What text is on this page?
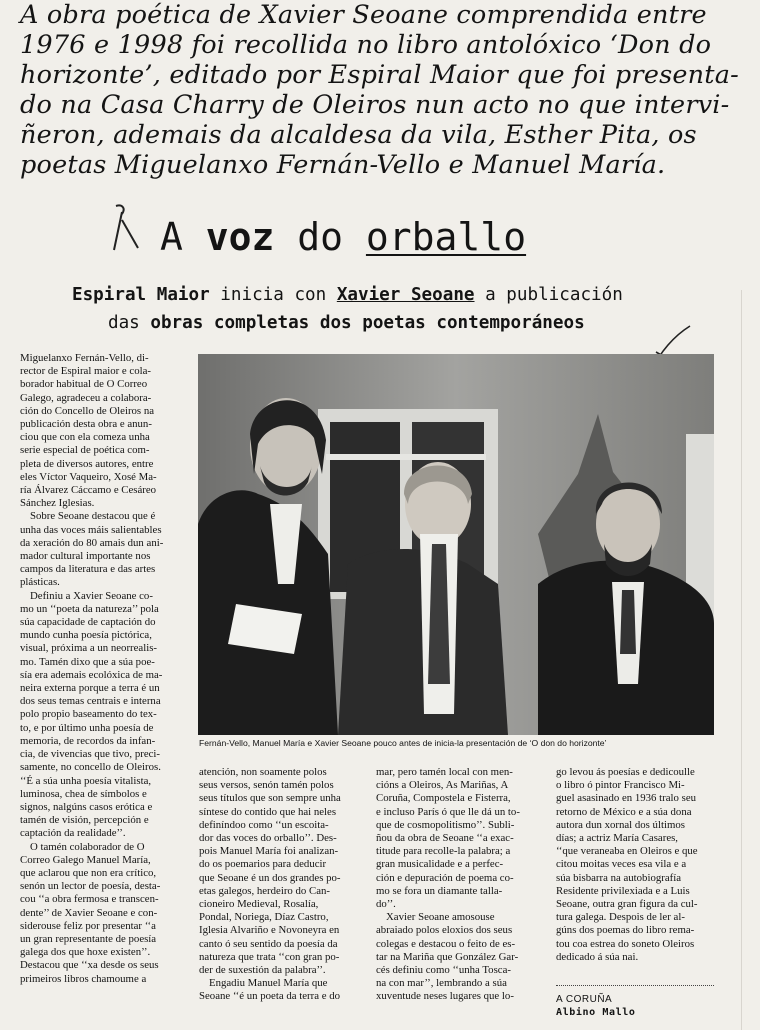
A obra poética de Xavier Seoane comprendida entre
1976 e 1998 foi recollida no libro antolóxico ‘Don do
horizonte’, editado por Espiral Maior que foi presenta-
do na Casa Charry de Oleiros nun acto no que intervi-
ñeron, ademais da alcaldesa da vila, Esther Pita, os
poetas Miguelanxo Fernán-Vello e Manuel María.
A voz do orballo
Espiral Maior inicia con Xavier Seoane a publicación
das obras completas dos poetas contemporáneos
Fernán-Vello, Manuel María e Xavier Seoane pouco antes de inicia-la presentación de ‘O don do horizonte’
Miguelanxo Fernán-Vello, di-
rector de Espiral maior e cola-
borador habitual de O Correo
Galego, agradeceu a colabora-
ción do Concello de Oleiros na
publicación desta obra e anun-
ciou que con ela comeza unha
serie especial de poética com-
pleta de diversos autores, entre
eles Víctor Vaqueiro, Xosé Ma-
ría Álvarez Cáccamo e Cesáreo
Sánchez Iglesias.
Sobre Seoane destacou que é
unha das voces máis salientables
da xeración do 80 amais dun ani-
mador cultural importante nos
campos da literatura e das artes
plásticas.
Definiu a Xavier Seoane co-
mo un ‘‘poeta da natureza’’ pola
súa capacidade de captación do
mundo cunha poesía pictórica,
visual, próxima a un neorrealis-
mo. Tamén dixo que a súa poe-
sía era ademais ecolóxica de ma-
neira externa porque a terra é un
dos seus temas centrais e interna
polo propio baseamento do tex-
to, e por último unha poesía de
memoria, de recordos da infan-
cia, de vivencias que tivo, preci-
samente, no concello de Oleiros.
‘‘É a súa unha poesía vitalista,
luminosa, chea de símbolos e
signos, nalgúns casos erótica e
tamén de visión, percepción e
captación da realidade’’.
O tamén colaborador de O
Correo Galego Manuel María,
que aclarou que non era crítico,
senón un lector de poesía, desta-
cou ‘‘a obra fermosa e transcen-
dente’’ de Xavier Seoane e con-
siderouse feliz por presentar ‘‘a
un gran representante de poesía
galega dos que hoxe existen’’.
Destacou que ‘‘xa desde os seus
primeiros libros chamoume a
atención, non soamente polos
seus versos, senón tamén polos
seus títulos que son sempre unha
síntese do contido que hai neles
definíndoo como ‘‘un escoita-
dor das voces do orballo’’. Des-
pois Manuel María foi analizan-
do os poemarios para deducir
que Seoane é un dos grandes po-
etas galegos, herdeiro do Can-
cioneiro Medieval, Rosalía,
Pondal, Noriega, Díaz Castro,
Iglesia Alvariño e Novoneyra en
canto ó seu sentido da poesía da
natureza que trata ‘‘con gran po-
der de suxestión da palabra’’.
Engadiu Manuel María que
Seoane ‘‘é un poeta da terra e do
mar, pero tamén local con men-
cións a Oleiros, As Mariñas, A
Coruña, Compostela e Fisterra,
e incluso París ó que lle dá un to-
que de cosmopolitismo’’. Subli-
ñou da obra de Seoane ‘‘a exac-
titude para recolle-la palabra; a
gran musicalidade e a perfec-
ción e depuración de poema co-
mo se fora un diamante talla-
do’’.
Xavier Seoane amosouse
abraiado polos eloxios dos seus
colegas e destacou o feito de es-
tar na Mariña que González Gar-
cés definiu como ‘‘unha Tosca-
na con mar’’, lembrando a súa
xuventude neses lugares que lo-
go levou ás poesías e dedicoulle
o libro ó pintor Francisco Mi-
guel asasinado en 1936 tralo seu
retorno de México e a súa dona
autora dun xornal dos últimos
días; a actriz María Casares,
‘‘que veraneaba en Oleiros e que
citou moitas veces esa vila e a
súa bisbarra na autobiografía
Residente privilexiada e a Luis
Seoane, outra gran figura da cul-
tura galega. Despois de ler al-
gúns dos poemas do libro rema-
tou coa estrea do soneto Oleiros
dedicado á súa nai.
A CORUÑA
Albino Mallo
